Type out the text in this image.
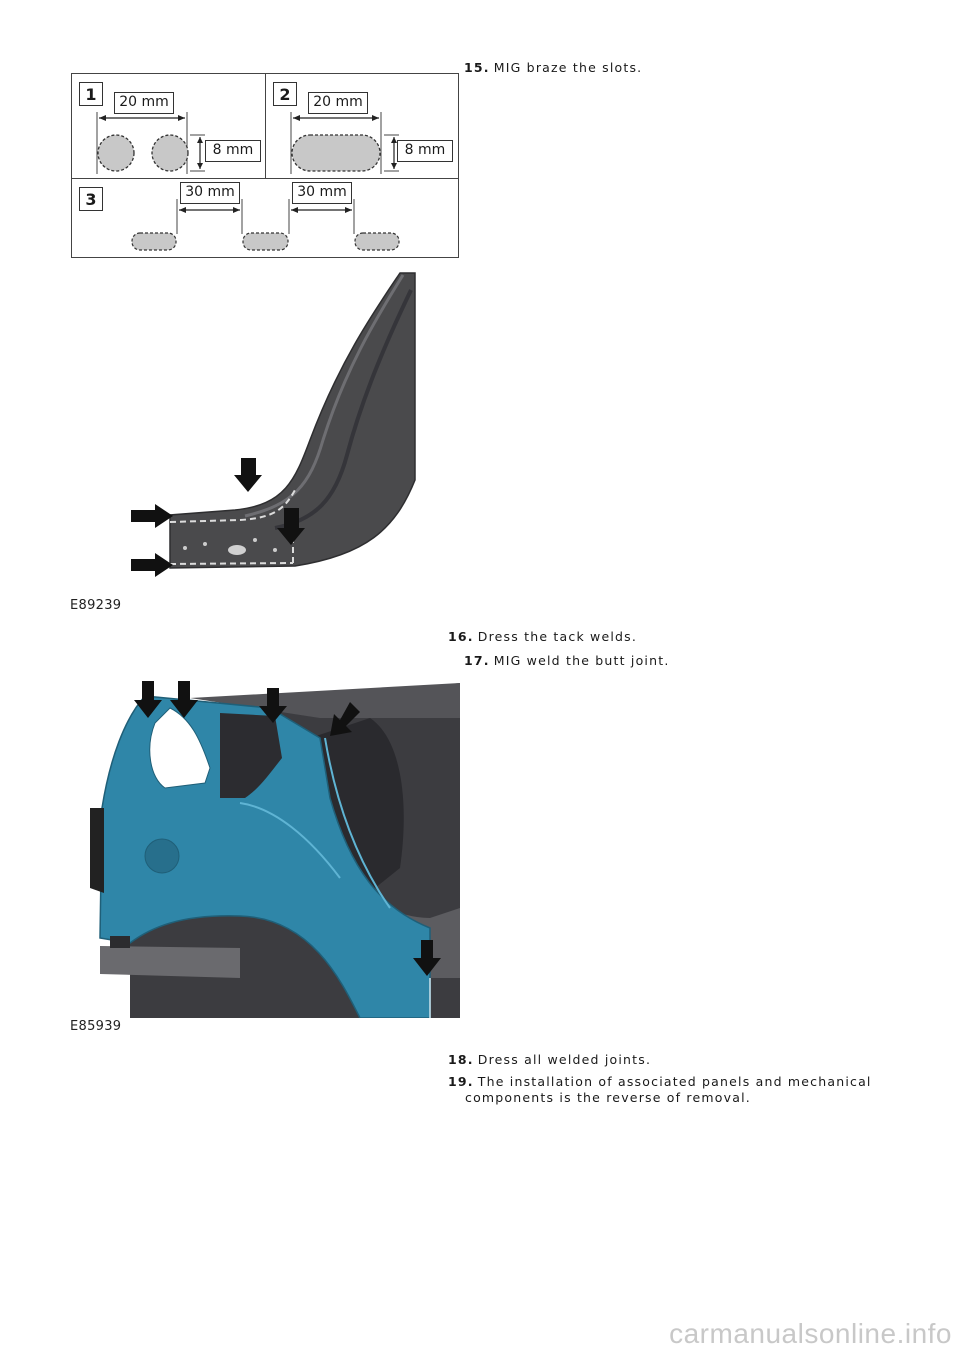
15. MIG braze the slots.
1	20 mm
8 mm
2	20 mm
8 mm
3	30 mm	30 mm
E89239
16. Dress the tack welds.
17. MIG weld the butt joint.
E85939
18. Dress all welded joints.
19. The installation of associated panels and mechanical
components is the reverse of removal.
carmanualsonline.info
